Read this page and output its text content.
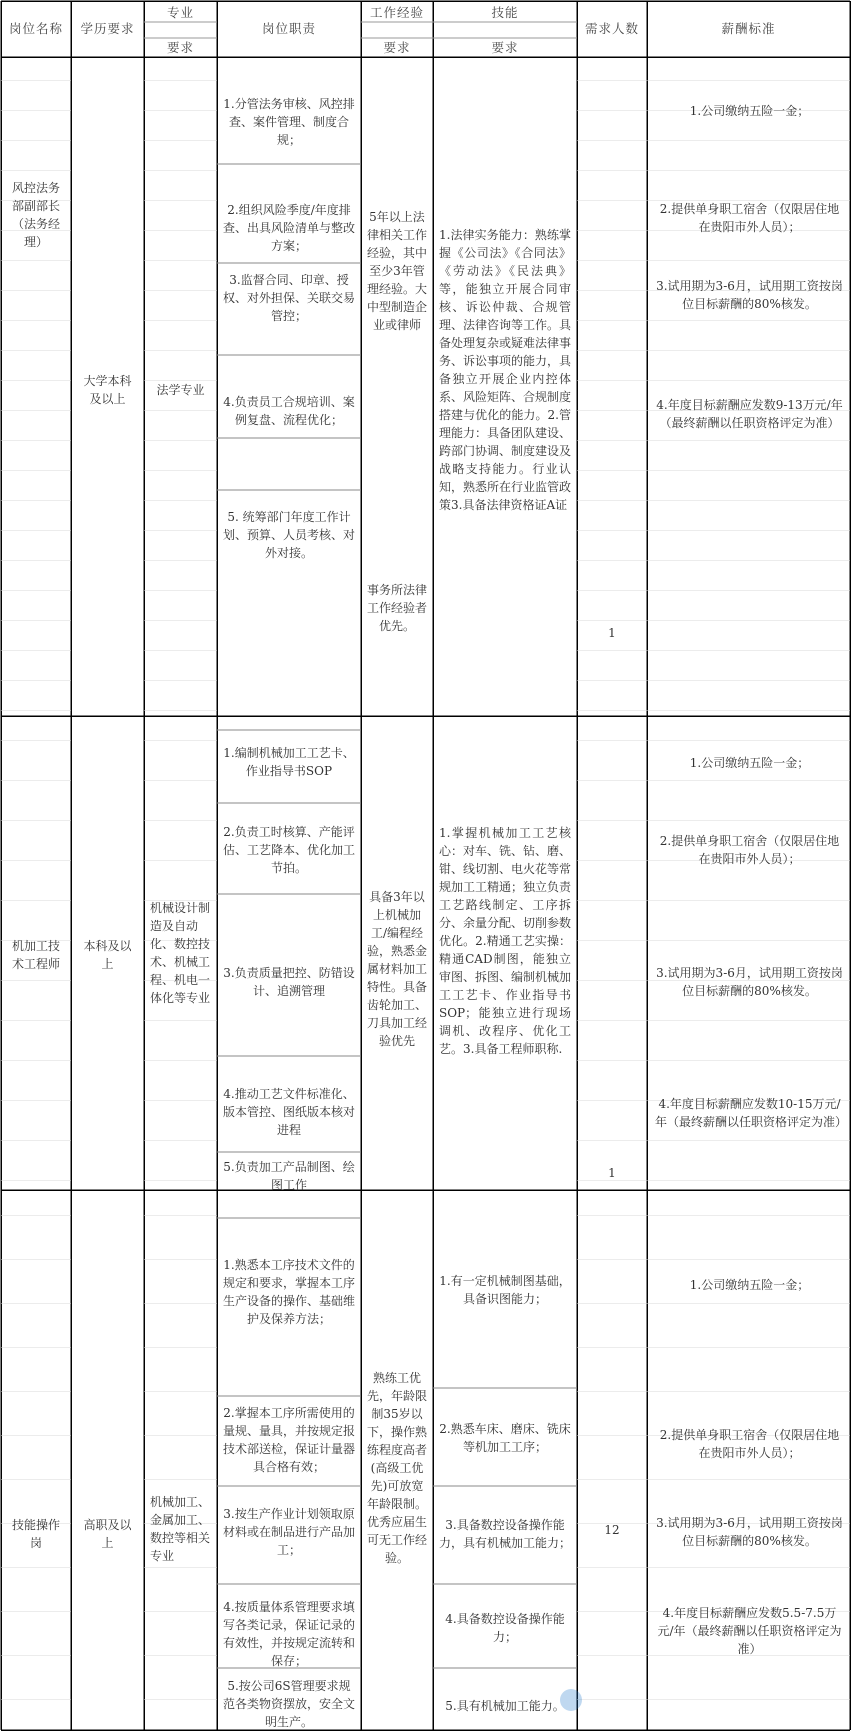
岗位名称	学历要求
专业
要求
岗位职责
工作经验
要求
技能
要求
需求人数	薪酬标准
风控法务部副部长（法务经理）
大学本科及以上
法学专业
1.分管法务审核、风控排查、案件管理、制度合规；
2.组织风险季度/年度排查、出具风险清单与整改方案；
3.监督合同、印章、授权、对外担保、关联交易管控；
4.负责员工合规培训、案例复盘、流程优化；
5. 统筹部门年度工作计划、预算、人员考核、对外对接。
5年以上法律相关工作经验，其中至少3年管理经验。大中型制造企业或律师
事务所法律工作经验者优先。
1.法律实务能力：熟练掌握《公司法》《合同法》《劳动法》《民法典》等，能独立开展合同审核、诉讼仲裁、合规管理、法律咨询等工作。具备处理复杂或疑难法律事务、诉讼事项的能力，具备独立开展企业内控体系、风险矩阵、合规制度搭建与优化的能力。2.管理能力：具备团队建设、跨部门协调、制度建设及战略支持能力。行业认知，熟悉所在行业监管政策3.具备法律资格证A证
1
1.公司缴纳五险一金；
2.提供单身职工宿舍（仅限居住地在贵阳市外人员）；
3.试用期为3-6月，试用期工资按岗位目标薪酬的80%核发。
4.年度目标薪酬应发数9-13万元/年（最终薪酬以任职资格评定为准）
机加工技术工程师
本科及以上
机械设计制造及自动化、数控技术、机械工程、机电一体化等专业
1.编制机械加工工艺卡、作业指导书SOP
2.负责工时核算、产能评估、工艺降本、优化加工节拍。
3.负责质量把控、防错设计、追溯管理
4.推动工艺文件标准化、版本管控、图纸版本核对进程
5.负责加工产品制图、绘图工作
具备3年以上机械加工/编程经验，熟悉金属材料加工特性。具备齿轮加工、刀具加工经验优先
1.掌握机械加工工艺核心：对车、铣、钻、磨、钳、线切割、电火花等常规加工工精通；独立负责工艺路线制定、工序拆分、余量分配、切削参数优化。2.精通工艺实操：精通CAD制图，能独立审图、拆图、编制机械加工工艺卡、作业指导书SOP；能独立进行现场调机、改程序、优化工艺。3.具备工程师职称.
1
1.公司缴纳五险一金；
2.提供单身职工宿舍（仅限居住地在贵阳市外人员）；
3.试用期为3-6月，试用期工资按岗位目标薪酬的80%核发。
4.年度目标薪酬应发数10-15万元/年（最终薪酬以任职资格评定为准）
技能操作岗
高职及以上
机械加工、金属加工、数控等相关专业
1.熟悉本工序技术文件的规定和要求，掌握本工序生产设备的操作、基础维护及保养方法；
2.掌握本工序所需使用的量规、量具，并按规定报技术部送检，保证计量器具合格有效；
3.按生产作业计划领取原材料或在制品进行产品加工；
4.按质量体系管理要求填写各类记录，保证记录的有效性，并按规定流转和保存；
5.按公司6S管理要求规范各类物资摆放，安全文明生产。
熟练工优先，年龄限制35岁以下，操作熟练程度高者(高级工优先)可放宽年龄限制。优秀应届生可无工作经验。
1.有一定机械制图基础，具备识图能力；
2.熟悉车床、磨床、铣床等机加工工序；
3.具备数控设备操作能力，具有机械加工能力；
4.具备数控设备操作能力；
5.具有机械加工能力。
12
1.公司缴纳五险一金；
2.提供单身职工宿舍（仅限居住地在贵阳市外人员）；
3.试用期为3-6月，试用期工资按岗位目标薪酬的80%核发。
4.年度目标薪酬应发数5.5-7.5万元/年（最终薪酬以任职资格评定为准）
